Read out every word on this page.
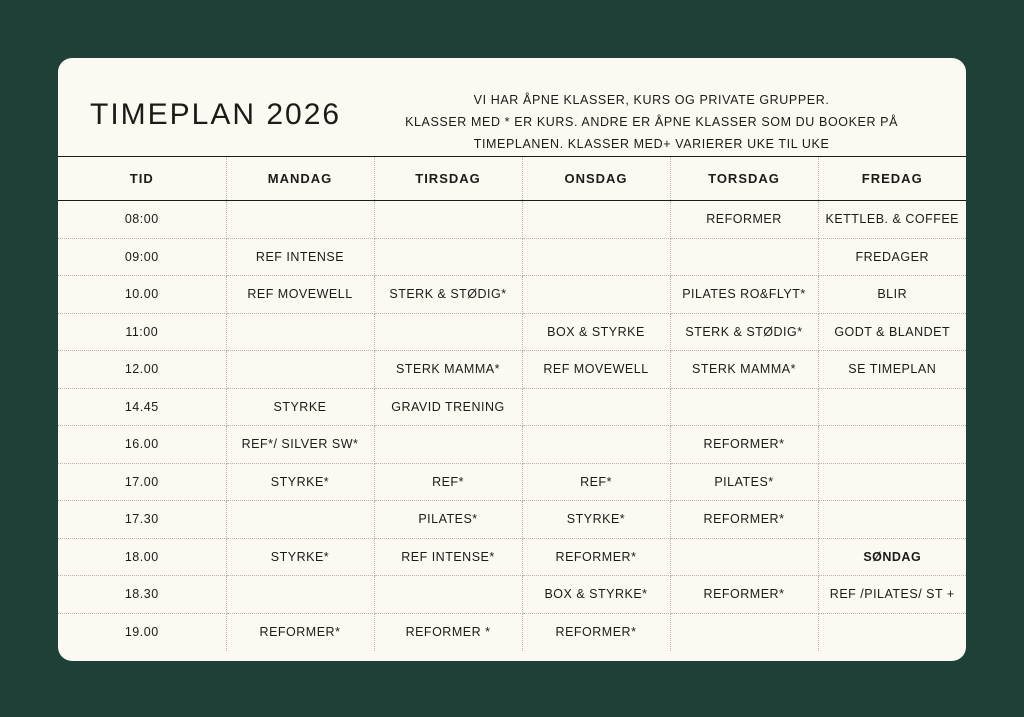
TIMEPLAN 2026	VI HAR ÅPNE KLASSER, KURS OG PRIVATE GRUPPER.
KLASSER MED * ER KURS. ANDRE ER ÅPNE KLASSER SOM DU BOOKER PÅ
TIMEPLANEN. KLASSER MED+ VARIERER UKE TIL UKE
TID	MANDAG	TIRSDAG	ONSDAG	TORSDAG	FREDAG
08:00				REFORMER	KETTLEB. & COFFEE
09:00	REF INTENSE				FREDAGER
10.00	REF MOVEWELL	STERK & STØDIG*		PILATES RO&FLYT*	BLIR
11:00			BOX & STYRKE	STERK & STØDIG*	GODT & BLANDET
12.00		STERK MAMMA*	REF MOVEWELL	STERK MAMMA*	SE TIMEPLAN
14.45	STYRKE	GRAVID TRENING			
16.00	REF*/ SILVER SW*			REFORMER*	
17.00	STYRKE*	REF*	REF*	PILATES*	
17.30		PILATES*	STYRKE*	REFORMER*	
18.00	STYRKE*	REF INTENSE*	REFORMER*		SØNDAG
18.30			BOX & STYRKE*	REFORMER*	REF /PILATES/ ST +
19.00	REFORMER*	REFORMER *	REFORMER*		
